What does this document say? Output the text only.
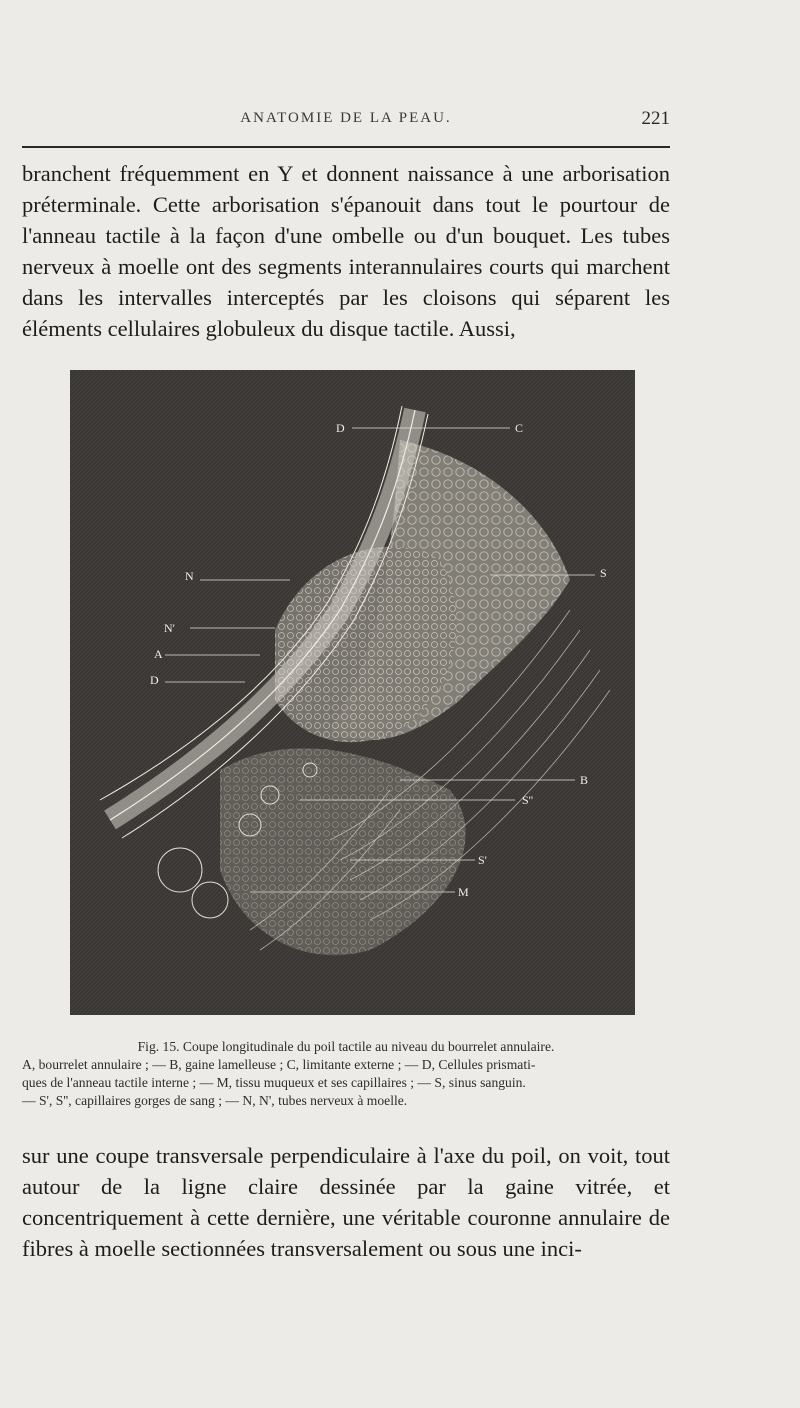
ANATOMIE DE LA PEAU.	221

branchent fréquemment en Y et donnent naissance à une arborisation préterminale. Cette arborisation s'épanouit dans tout le pourtour de l'anneau tactile à la façon d'une ombelle ou d'un bouquet. Les tubes nerveux à moelle ont des segments interannulaires courts qui marchent dans les intervalles interceptés par les cloisons qui séparent les éléments cellulaires globuleux du disque tactile. Aussi,

D	C
N	S
N'
A
D
B
S''
S'
M

Fig. 15. Coupe longitudinale du poil tactile au niveau du bourrelet annulaire.
A, bourrelet annulaire ; — B, gaine lamelleuse ; C, limitante externe ; — D, Cellules prismati-
ques de l'anneau tactile interne ; — M, tissu muqueux et ses capillaires ; — S, sinus sanguin.
— S', S'', capillaires gorges de sang ; — N, N', tubes nerveux à moelle.

sur une coupe transversale perpendiculaire à l'axe du poil, on voit, tout autour de la ligne claire dessinée par la gaine vitrée, et concentriquement à cette dernière, une véritable couronne annulaire de fibres à moelle sectionnées transversalement ou sous une inci-
